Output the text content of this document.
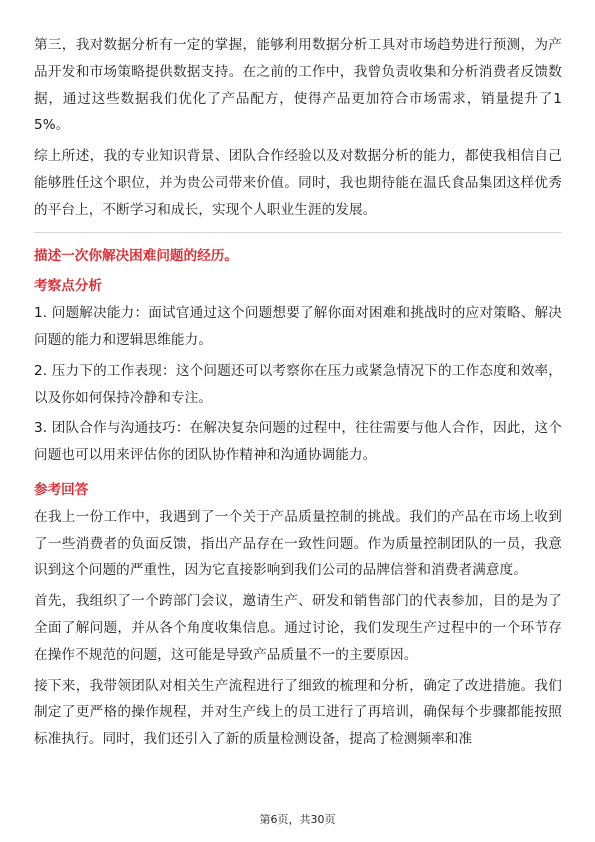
第三，我对数据分析有一定的掌握，能够利用数据分析工具对市场趋势进行预测，为产品开发和市场策略提供数据支持。在之前的工作中，我曾负责收集和分析消费者反馈数据，通过这些数据我们优化了产品配方，使得产品更加符合市场需求，销量提升了15%。

综上所述，我的专业知识背景、团队合作经验以及对数据分析的能力，都使我相信自己能够胜任这个职位，并为贵公司带来价值。同时，我也期待能在温氏食品集团这样优秀的平台上，不断学习和成长，实现个人职业生涯的发展。

描述一次你解决困难问题的经历。

考察点分析

1. 问题解决能力：面试官通过这个问题想要了解你面对困难和挑战时的应对策略、解决问题的能力和逻辑思维能力。

2. 压力下的工作表现：这个问题还可以考察你在压力或紧急情况下的工作态度和效率，以及你如何保持冷静和专注。

3. 团队合作与沟通技巧：在解决复杂问题的过程中，往往需要与他人合作，因此，这个问题也可以用来评估你的团队协作精神和沟通协调能力。

参考回答

在我上一份工作中，我遇到了一个关于产品质量控制的挑战。我们的产品在市场上收到了一些消费者的负面反馈，指出产品存在一致性问题。作为质量控制团队的一员，我意识到这个问题的严重性，因为它直接影响到我们公司的品牌信誉和消费者满意度。

首先，我组织了一个跨部门会议，邀请生产、研发和销售部门的代表参加，目的是为了全面了解问题，并从各个角度收集信息。通过讨论，我们发现生产过程中的一个环节存在操作不规范的问题，这可能是导致产品质量不一的主要原因。

接下来，我带领团队对相关生产流程进行了细致的梳理和分析，确定了改进措施。我们制定了更严格的操作规程，并对生产线上的员工进行了再培训，确保每个步骤都能按照标准执行。同时，我们还引入了新的质量检测设备，提高了检测频率和准

第6页，共30页
